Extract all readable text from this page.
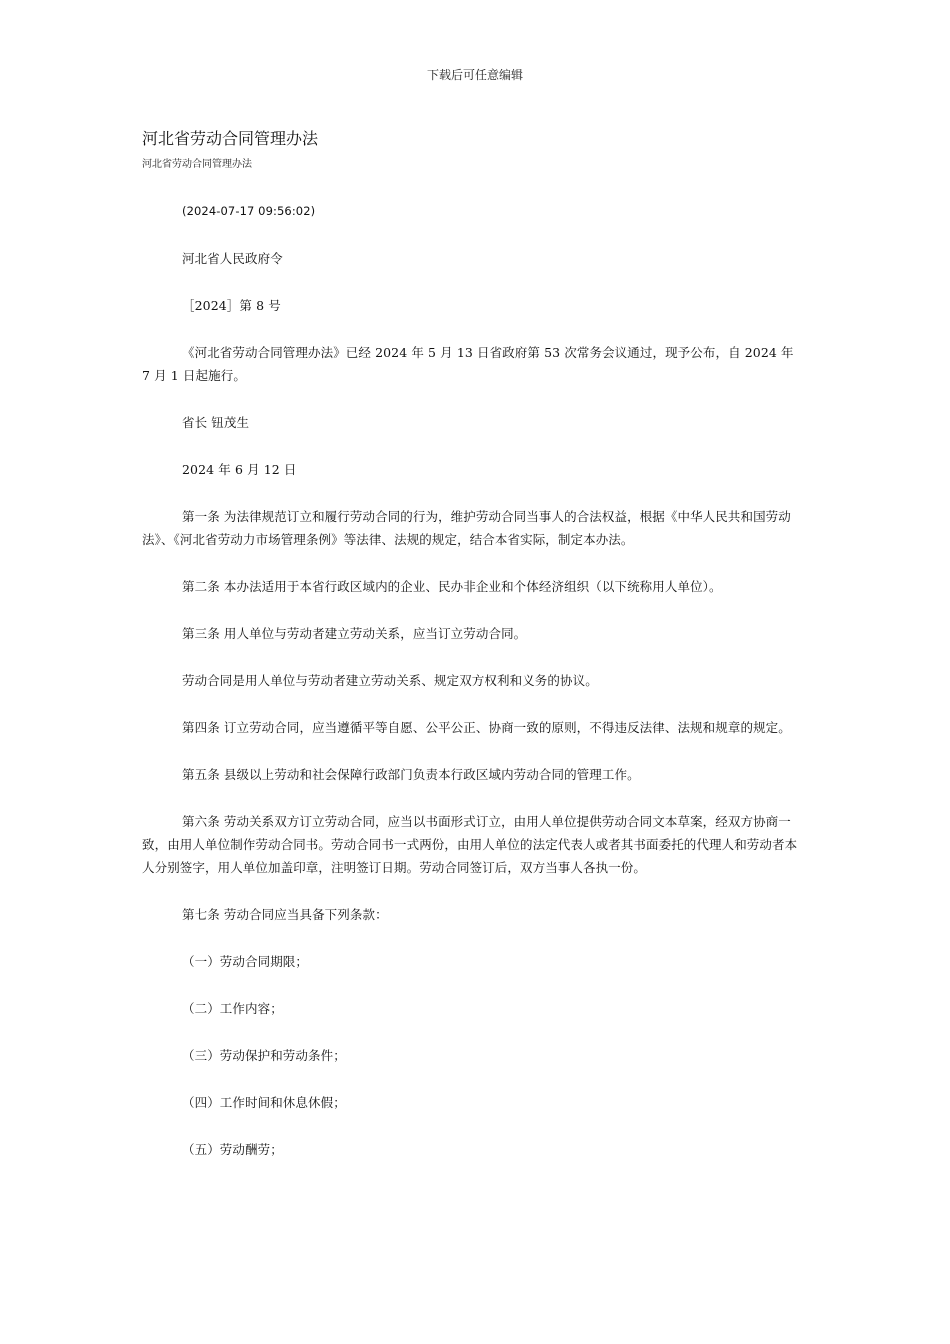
下载后可任意编辑
河北省劳动合同管理办法
河北省劳动合同管理办法

(2024-07-17 09:56:02)

河北省人民政府令

［2024］第 8 号

《河北省劳动合同管理办法》已经 2024 年 5 月 13 日省政府第 53 次常务会议通过，现予公布，自 2024 年 7 月 1 日起施行。

省长 钮茂生

2024 年 6 月 12 日

第一条 为法律规范订立和履行劳动合同的行为，维护劳动合同当事人的合法权益，根据《中华人民共和国劳动法》、《河北省劳动力市场管理条例》等法律、法规的规定，结合本省实际，制定本办法。

第二条 本办法适用于本省行政区域内的企业、民办非企业和个体经济组织（以下统称用人单位）。

第三条 用人单位与劳动者建立劳动关系，应当订立劳动合同。

劳动合同是用人单位与劳动者建立劳动关系、规定双方权利和义务的协议。

第四条 订立劳动合同，应当遵循平等自愿、公平公正、协商一致的原则，不得违反法律、法规和规章的规定。

第五条 县级以上劳动和社会保障行政部门负责本行政区域内劳动合同的管理工作。

第六条 劳动关系双方订立劳动合同，应当以书面形式订立，由用人单位提供劳动合同文本草案，经双方协商一致，由用人单位制作劳动合同书。劳动合同书一式两份，由用人单位的法定代表人或者其书面委托的代理人和劳动者本人分别签字，用人单位加盖印章，注明签订日期。劳动合同签订后，双方当事人各执一份。

第七条 劳动合同应当具备下列条款：

（一）劳动合同期限；

（二）工作内容；

（三）劳动保护和劳动条件；

（四）工作时间和休息休假；

（五）劳动酬劳；
